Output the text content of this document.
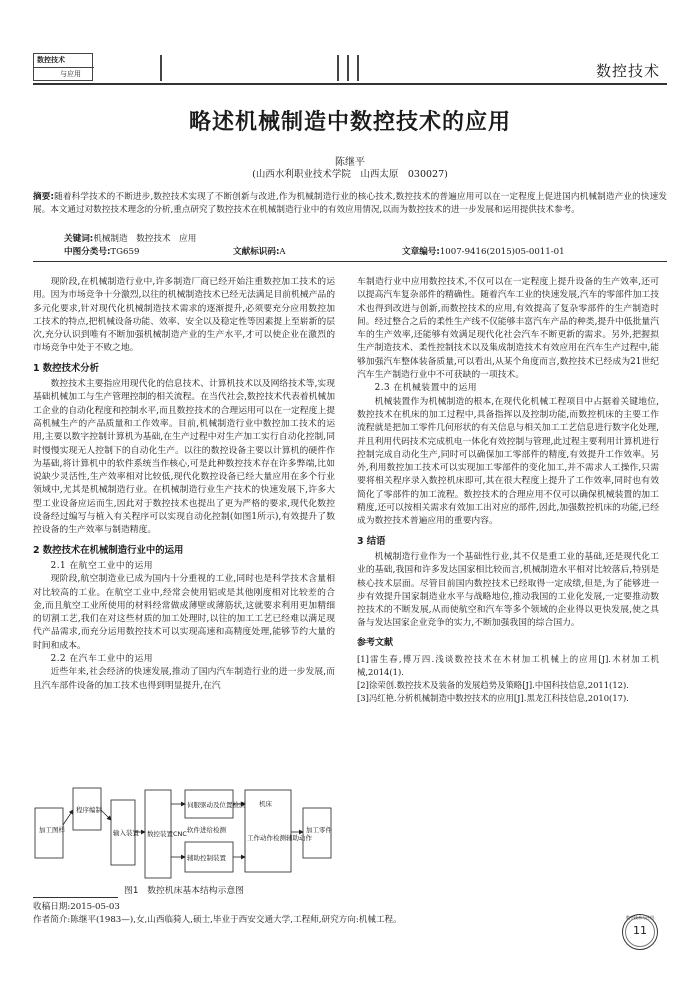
数控技术
与应用	数控技术
略述机械制造中数控技术的应用
陈继平
(山西水利职业技术学院　山西太原　030027)
摘要:随着科学技术的不断进步,数控技术实现了不断创新与改进,作为机械制造行业的核心技术,数控技术的普遍应用可以在一定程度上促进国内机械制造产业的快速发展。本文通过对数控技术理念的分析,重点研究了数控技术在机械制造行业中的有效应用情况,以而为数控技术的进一步发展和运用提供技术参考。
关键词:机械制造　数控技术　应用
中图分类号:TG659	文献标识码:A	文章编号:1007-9416(2015)05-0011-01

现阶段,在机械制造行业中,许多制造厂商已经开始注重数控加工技术的运用。因为市场竞争十分激烈,以往的机械制造技术已经无法满足目前机械产品的多元化要求,针对现代化机械制造技术需求的逐渐提升,必须要充分应用数控加工技术的特点,把机械设备功能、效率、安全以及稳定性等因素提上至崭新的层次,充分认识到唯有不断加强机械制造产业的生产水平,才可以使企业在激烈的市场竞争中处于不败之地。

1 数控技术分析

数控技术主要指应用现代化的信息技术、计算机技术以及网络技术等,实现基础机械加工与生产管理控制的相关流程。在当代社会,数控技术代表着机械加工企业的自动化程度和控制水平,而且数控技术的合理运用可以在一定程度上提高机械生产的产品质量和工作效率。目前,机械制造行业中数控加工技术的运用,主要以数字控制计算机为基础,在生产过程中对生产加工实行自动化控制,同时慢慢实现无人控制下的自动化生产。以往的数控设备主要以计算机的硬件作为基础,将计算机中的软件系统当作核心,可是此种数控技术存在许多弊端,比如说缺少灵活性,生产效率相对比较低,现代化数控设备已经大量应用在多个行业领域中,尤其是机械制造行业。在机械制造行业生产技术的快速发展下,许多大型工业设备应运而生,因此对于数控技术也提出了更为严格的要求,现代化数控设备经过编写与植入有关程序可以实现自动化控制(如图1所示),有效提升了数控设备的生产效率与制造精度。

2 数控技术在机械制造行业中的运用
2.1 在航空工业中的运用

现阶段,航空制造业已成为国内十分重视的工业,同时也是科学技术含量相对比较高的工业。在航空工业中,经常会使用铝或是其他刚度相对比较差的合金,而且航空工业所使用的材料经常做成薄壁或薄筋状,这就要求利用更加精细的切割工艺,我们在对这些材质的加工处理时,以往的加工工艺已经难以满足现代产品需求,而充分运用数控技术可以实现高速和高精度处理,能够节约大量的时间和成本。

2.2 在汽车工业中的运用

近些年来,社会经济的快速发展,推动了国内汽车制造行业的进一步发展,而且汽车部件设备的加工技术也得到明显提升,在汽

加工图样
程序编制
输入装置 数控装置CNC
伺服驱动及位置检测
辅助控制装置
软件进给检测
机床
工作动作检测辅助动作
加工零件
图1　数控机床基本结构示意图

车制造行业中应用数控技术,不仅可以在一定程度上提升设备的生产效率,还可以提高汽车复杂部件的精确性。随着汽车工业的快速发展,汽车的零部件加工技术也得到改进与创新,而数控技术的应用,有效提高了复杂零部件的生产制造时间。经过整合之后的柔性生产线不仅能够丰富汽车产品的种类,提升中低批量汽车的生产效率,还能够有效满足现代化社会汽车不断更新的需求。另外,把握拟生产制造技术、柔性控制技术以及集成制造技术有效应用在汽车生产过程中,能够加强汽车整体装备质量,可以看出,从某个角度而言,数控技术已经成为21世纪汽车生产制造行业中不可获缺的一项技术。

2.3 在机械装置中的运用

机械装置作为机械制造的根本,在现代化机械工程项目中占据着关键地位,数控技术在机床的加工过程中,具备指挥以及控制功能,而数控机床的主要工作流程就是把加工零件几何形状的有关信息与相关加工工艺信息进行数字化处理,并且利用代码技术完成机电一体化有效控制与管理,此过程主要利用计算机进行控制完成自动化生产,同时可以确保加工零部件的精度,有效提升工作效率。另外,利用数控加工技术可以实现加工零部件的变化加工,并不需求人工操作,只需要将相关程序录入数控机床即可,其在很大程度上提升了工作效率,同时也有效简化了零部件的加工流程。数控技术的合理应用不仅可以确保机械装置的加工精度,还可以按相关需求有效加工出对应的部件,因此,加强数控机床的功能,已经成为数控技术普遍应用的重要内容。

3 结语

机械制造行业作为一个基础性行业,其不仅是重工业的基础,还是现代化工业的基础,我国和许多发达国家相比较而言,机械制造水平相对比较落后,特别是核心技术层面。尽管目前国内数控技术已经取得一定成绩,但是,为了能够进一步有效提升国家制造业水平与战略地位,推动我国的工业化发展,一定要推动数控技术的不断发展,从而使航空和汽车等多个领域的企业得以更快发展,使之具备与发达国家企业竞争的实力,不断加强我国的综合国力。

参考文献
[1]雷生春,傅万四.浅谈数控技术在木材加工机械上的应用[J].木材加工机械,2014(1).
[2]徐荣创.数控技术及装备的发展趋势及策略[J].中国科技信息,2011(12).
[3]冯红艳.分析机械制造中数控技术的应用[J].黑龙江科技信息,2010(17).
收稿日期:2015-05-03
作者简介:陈继平(1983—),女,山西临猗人,硕士,毕业于西安交通大学,工程师,研究方向:机械工程。	数字技术与应用
11
